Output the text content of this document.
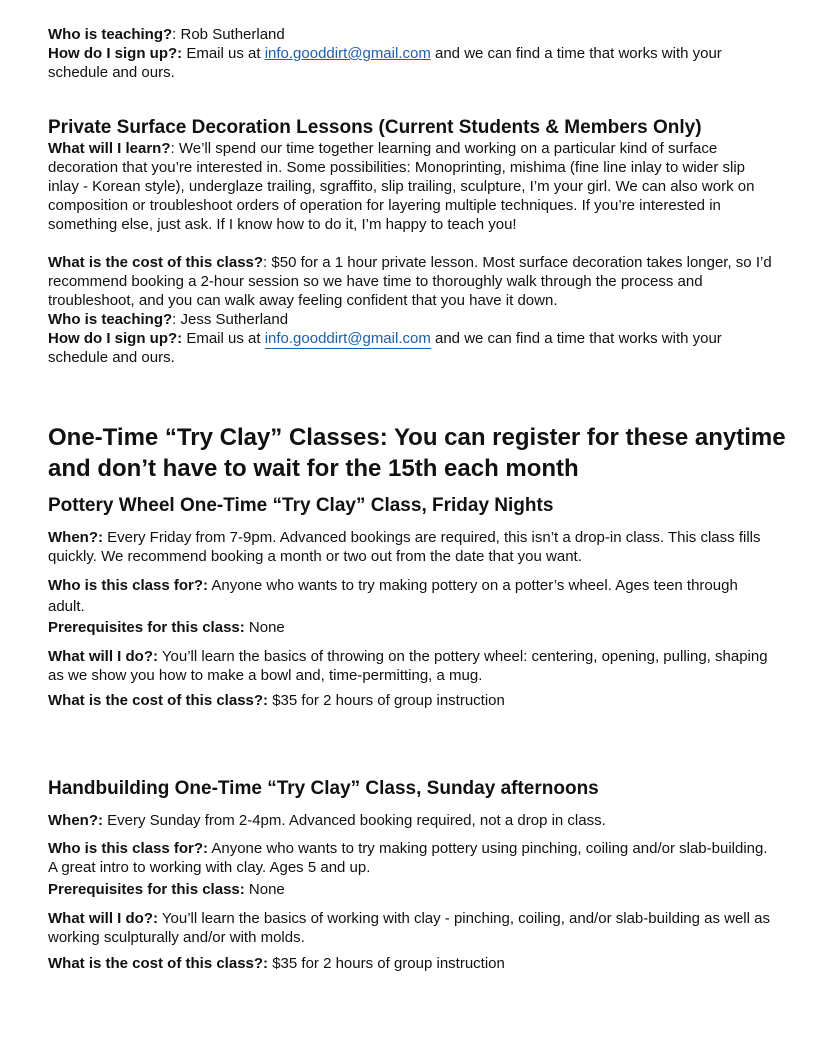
Who is teaching?: Rob Sutherland

How do I sign up?: Email us at info.gooddirt@gmail.com and we can find a time that works with your schedule and ours.

Private Surface Decoration Lessons (Current Students & Members Only)

What will I learn?: We’ll spend our time together learning and working on a particular kind of surface decoration that you’re interested in. Some possibilities: Monoprinting, mishima (fine line inlay to wider slip inlay - Korean style), underglaze trailing, sgraffito, slip trailing, sculpture, I’m your girl. We can also work on composition or troubleshoot orders of operation for layering multiple techniques. If you’re interested in something else, just ask. If I know how to do it, I’m happy to teach you!

What is the cost of this class?: $50 for a 1 hour private lesson. Most surface decoration takes longer, so I’d recommend booking a 2-hour session so we have time to thoroughly walk through the process and troubleshoot, and you can walk away feeling confident that you have it down.

Who is teaching?: Jess Sutherland

How do I sign up?: Email us at info.gooddirt@gmail.com and we can find a time that works with your schedule and ours.

One-Time “Try Clay” Classes: You can register for these anytime and don’t have to wait for the 15th each month
Pottery Wheel One-Time “Try Clay” Class, Friday Nights

When?: Every Friday from 7-9pm. Advanced bookings are required, this isn’t a drop-in class. This class fills quickly. We recommend booking a month or two out from the date that you want.

Who is this class for?: Anyone who wants to try making pottery on a potter’s wheel. Ages teen through adult.

Prerequisites for this class: None

What will I do?: You’ll learn the basics of throwing on the pottery wheel: centering, opening, pulling, shaping as we show you how to make a bowl and, time-permitting, a mug.

What is the cost of this class?: $35 for 2 hours of group instruction

Handbuilding One-Time “Try Clay” Class, Sunday afternoons

When?: Every Sunday from 2-4pm. Advanced booking required, not a drop in class.

Who is this class for?: Anyone who wants to try making pottery using pinching, coiling and/or slab-building. A great intro to working with clay. Ages 5 and up.

Prerequisites for this class: None

What will I do?: You’ll learn the basics of working with clay - pinching, coiling, and/or slab-building as well as working sculpturally and/or with molds.

What is the cost of this class?: $35 for 2 hours of group instruction
